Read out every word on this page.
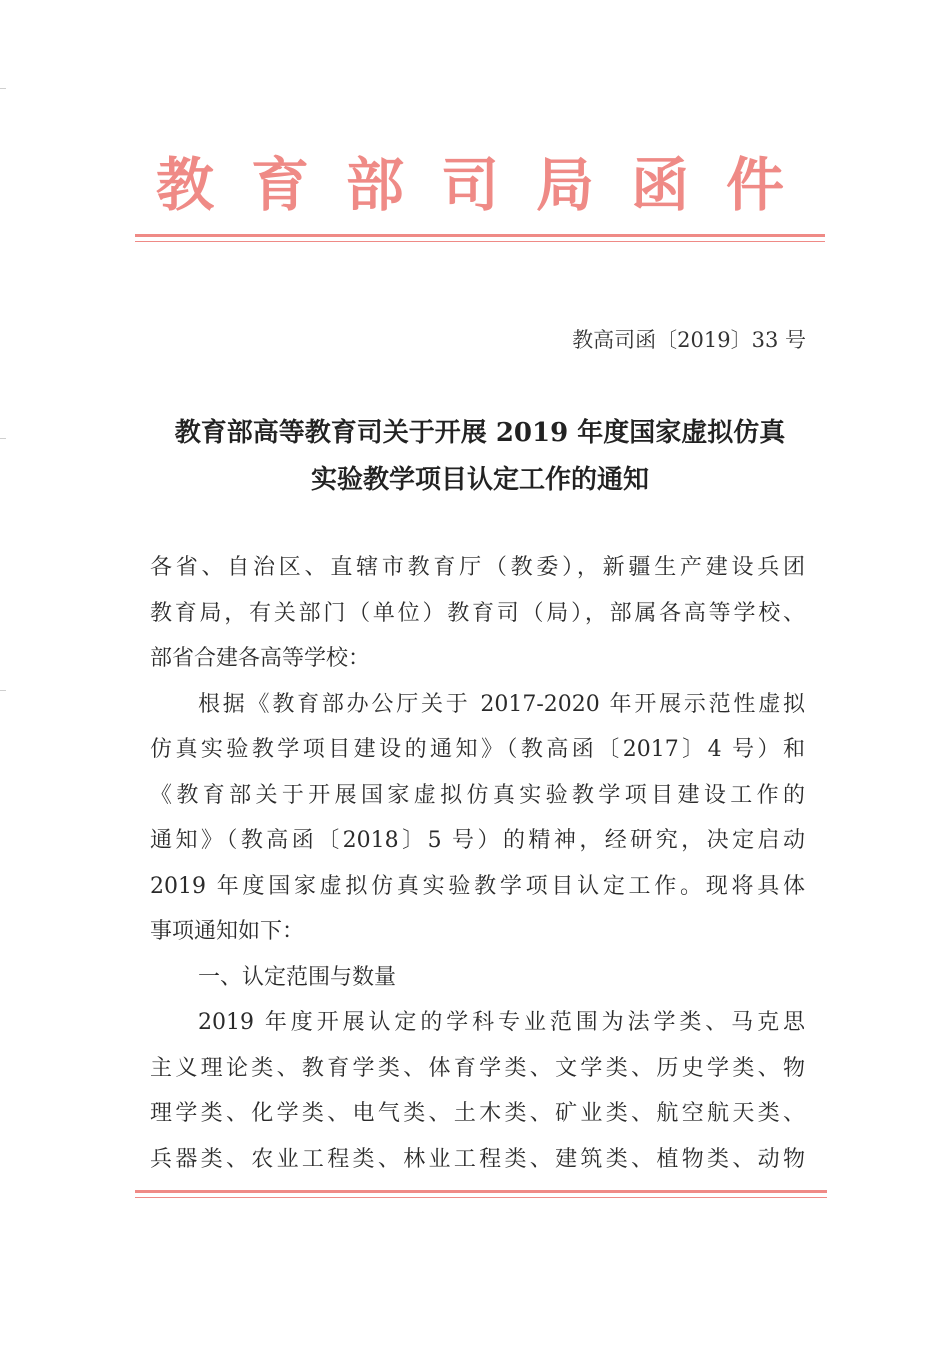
教 育 部 司 局 函 件
教高司函〔2019〕33 号
教育部高等教育司关于开展 2019 年度国家虚拟仿真
实验教学项目认定工作的通知
各省、自治区、直辖市教育厅（教委），新疆生产建设兵团
教育局，有关部门（单位）教育司（局），部属各高等学校、
部省合建各高等学校：
根据《教育部办公厅关于 2017-2020 年开展示范性虚拟
仿真实验教学项目建设的通知》（教高函〔2017〕4 号）和
《教育部关于开展国家虚拟仿真实验教学项目建设工作的
通知》（教高函〔2018〕5 号）的精神，经研究，决定启动
2019 年度国家虚拟仿真实验教学项目认定工作。现将具体
事项通知如下：
一、认定范围与数量
2019 年度开展认定的学科专业范围为法学类、马克思
主义理论类、教育学类、体育学类、文学类、历史学类、物
理学类、化学类、电气类、土木类、矿业类、航空航天类、
兵器类、农业工程类、林业工程类、建筑类、植物类、动物
